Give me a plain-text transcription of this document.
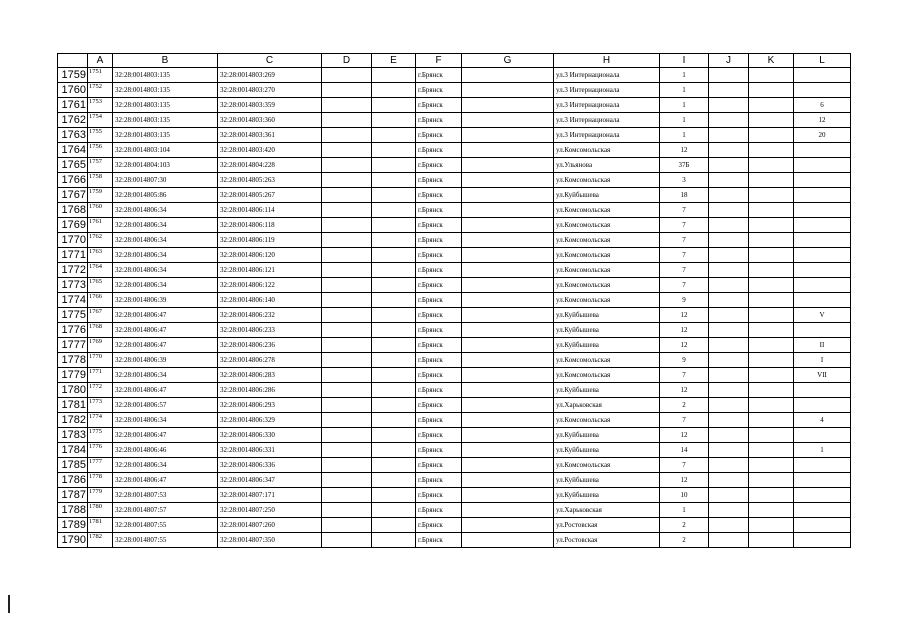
	A	B	C	D	E	F	G	H	I	J	K	L
1759	1751	32:28:0014803:135	32:28:0014803:269			г.Брянск		ул.3 Интернационала	1			
1760	1752	32:28:0014803:135	32:28:0014803:270			г.Брянск		ул.3 Интернационала	1			
1761	1753	32:28:0014803:135	32:28:0014803:359			г.Брянск		ул.3 Интернационала	1			6
1762	1754	32:28:0014803:135	32:28:0014803:360			г.Брянск		ул.3 Интернационала	1			12
1763	1755	32:28:0014803:135	32:28:0014803:361			г.Брянск		ул.3 Интернационала	1			20
1764	1756	32:28:0014803:104	32:28:0014803:420			г.Брянск		ул.Комсомольская	12			
1765	1757	32:28:0014804:103	32:28:0014804:228			г.Брянск		ул.Ульянова	37Б			
1766	1758	32:28:0014807:30	32:28:0014805:263			г.Брянск		ул.Комсомольская	3			
1767	1759	32:28:0014805:86	32:28:0014805:267			г.Брянск		ул.Куйбышева	18			
1768	1760	32:28:0014806:34	32:28:0014806:114			г.Брянск		ул.Комсомольская	7			
1769	1761	32:28:0014806:34	32:28:0014806:118			г.Брянск		ул.Комсомольская	7			
1770	1762	32:28:0014806:34	32:28:0014806:119			г.Брянск		ул.Комсомольская	7			
1771	1763	32:28:0014806:34	32:28:0014806:120			г.Брянск		ул.Комсомольская	7			
1772	1764	32:28:0014806:34	32:28:0014806:121			г.Брянск		ул.Комсомольская	7			
1773	1765	32:28:0014806:34	32:28:0014806:122			г.Брянск		ул.Комсомольская	7			
1774	1766	32:28:0014806:39	32:28:0014806:140			г.Брянск		ул.Комсомольская	9			
1775	1767	32:28:0014806:47	32:28:0014806:232			г.Брянск		ул.Куйбышева	12			V
1776	1768	32:28:0014806:47	32:28:0014806:233			г.Брянск		ул.Куйбышева	12			
1777	1769	32:28:0014806:47	32:28:0014806:236			г.Брянск		ул.Куйбышева	12			II
1778	1770	32:28:0014806:39	32:28:0014806:278			г.Брянск		ул.Комсомольская	9			I
1779	1771	32:28:0014806:34	32:28:0014806:283			г.Брянск		ул.Комсомольская	7			VII
1780	1772	32:28:0014806:47	32:28:0014806:286			г.Брянск		ул.Куйбышева	12			
1781	1773	32:28:0014806:57	32:28:0014806:293			г.Брянск		ул.Харьковская	2			
1782	1774	32:28:0014806:34	32:28:0014806:329			г.Брянск		ул.Комсомольская	7			4
1783	1775	32:28:0014806:47	32:28:0014806:330			г.Брянск		ул.Куйбышева	12			
1784	1776	32:28:0014806:46	32:28:0014806:331			г.Брянск		ул.Куйбышева	14			1
1785	1777	32:28:0014806:34	32:28:0014806:336			г.Брянск		ул.Комсомольская	7			
1786	1778	32:28:0014806:47	32:28:0014806:347			г.Брянск		ул.Куйбышева	12			
1787	1779	32:28:0014807:53	32:28:0014807:171			г.Брянск		ул.Куйбышева	10			
1788	1780	32:28:0014807:57	32:28:0014807:250			г.Брянск		ул.Харьковская	1			
1789	1781	32:28:0014807:55	32:28:0014807:260			г.Брянск		ул.Ростовская	2			
1790	1782	32:28:0014807:55	32:28:0014807:350			г.Брянск		ул.Ростовская	2			
